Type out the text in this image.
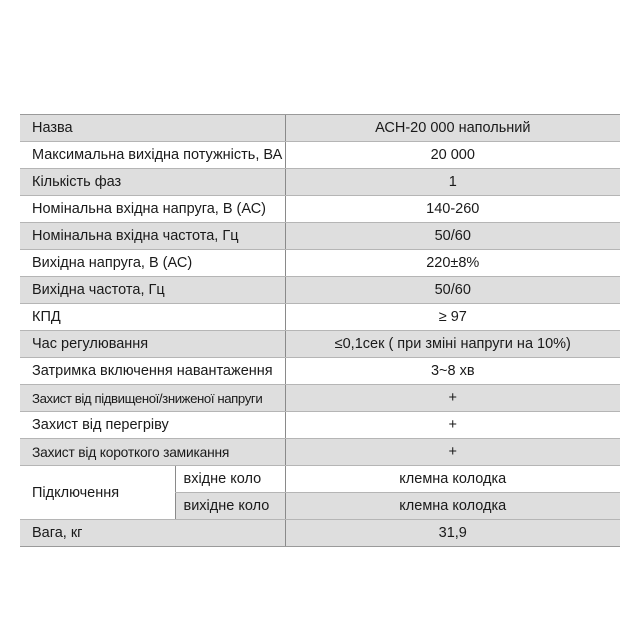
Назва		АСН-20 000 напольний
Максимальна вихідна потужність, ВА		20 000
Кількість фаз		1
Номінальна вхідна напруга, В (АС)		140-260
Номінальна вхідна частота, Гц		50/60
Вихідна напруга, В (АС)		220±8%
Вихідна частота, Гц		50/60
КПД		≥ 97
Час регулювання		≤0,1сек ( при зміні напруги на 10%)
Затримка включення навантаження		3~8 хв
Захист від підвищеної/зниженої напруги		+
Захист від перегріву		+
Захист від короткого замикання		+
Підключення	вхідне коло	клемна колодка
	вихідне коло	клемна колодка
Вага, кг		31,9
